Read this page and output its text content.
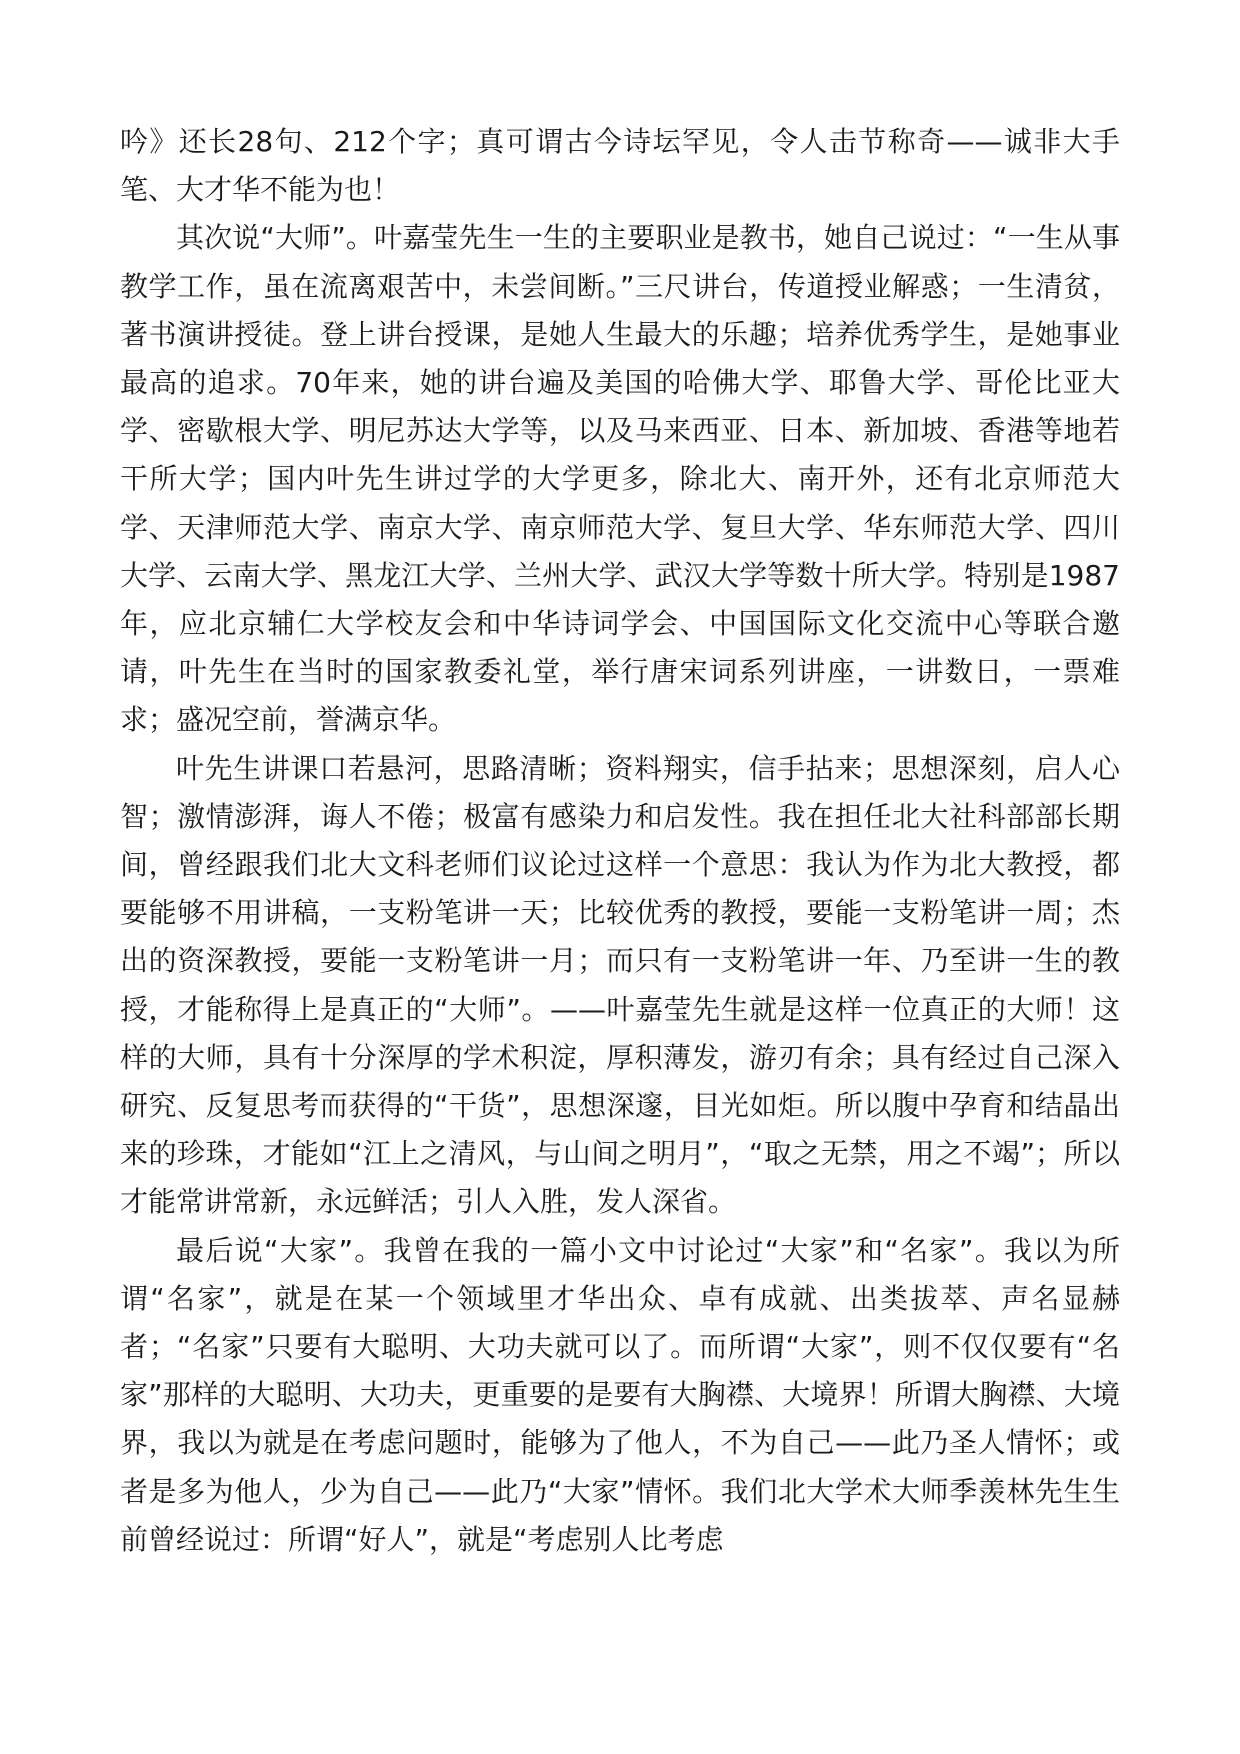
吟》还长28句、212个字；真可谓古今诗坛罕见，令人击节称奇——诚非大手笔、大才华不能为也！

其次说“大师”。叶嘉莹先生一生的主要职业是教书，她自己说过：“一生从事教学工作，虽在流离艰苦中，未尝间断。”三尺讲台，传道授业解惑；一生清贫，著书演讲授徒。登上讲台授课，是她人生最大的乐趣；培养优秀学生，是她事业最高的追求。70年来，她的讲台遍及美国的哈佛大学、耶鲁大学、哥伦比亚大学、密歇根大学、明尼苏达大学等，以及马来西亚、日本、新加坡、香港等地若干所大学；国内叶先生讲过学的大学更多，除北大、南开外，还有北京师范大学、天津师范大学、南京大学、南京师范大学、复旦大学、华东师范大学、四川大学、云南大学、黑龙江大学、兰州大学、武汉大学等数十所大学。特别是1987年，应北京辅仁大学校友会和中华诗词学会、中国国际文化交流中心等联合邀请，叶先生在当时的国家教委礼堂，举行唐宋词系列讲座，一讲数日，一票难求；盛况空前，誉满京华。

叶先生讲课口若悬河，思路清晰；资料翔实，信手拈来；思想深刻，启人心智；激情澎湃，诲人不倦；极富有感染力和启发性。我在担任北大社科部部长期间，曾经跟我们北大文科老师们议论过这样一个意思：我认为作为北大教授，都要能够不用讲稿，一支粉笔讲一天；比较优秀的教授，要能一支粉笔讲一周；杰出的资深教授，要能一支粉笔讲一月；而只有一支粉笔讲一年、乃至讲一生的教授，才能称得上是真正的“大师”。——叶嘉莹先生就是这样一位真正的大师！这样的大师，具有十分深厚的学术积淀，厚积薄发，游刃有余；具有经过自己深入研究、反复思考而获得的“干货”，思想深邃，目光如炬。所以腹中孕育和结晶出来的珍珠，才能如“江上之清风，与山间之明月”，“取之无禁，用之不竭”；所以才能常讲常新，永远鲜活；引人入胜，发人深省。

最后说“大家”。我曾在我的一篇小文中讨论过“大家”和“名家”。我以为所谓“名家”，就是在某一个领域里才华出众、卓有成就、出类拔萃、声名显赫者；“名家”只要有大聪明、大功夫就可以了。而所谓“大家”，则不仅仅要有“名家”那样的大聪明、大功夫，更重要的是要有大胸襟、大境界！所谓大胸襟、大境界，我以为就是在考虑问题时，能够为了他人，不为自己——此乃圣人情怀；或者是多为他人，少为自己——此乃“大家”情怀。我们北大学术大师季羡林先生生前曾经说过：所谓“好人”，就是“考虑别人比考虑
